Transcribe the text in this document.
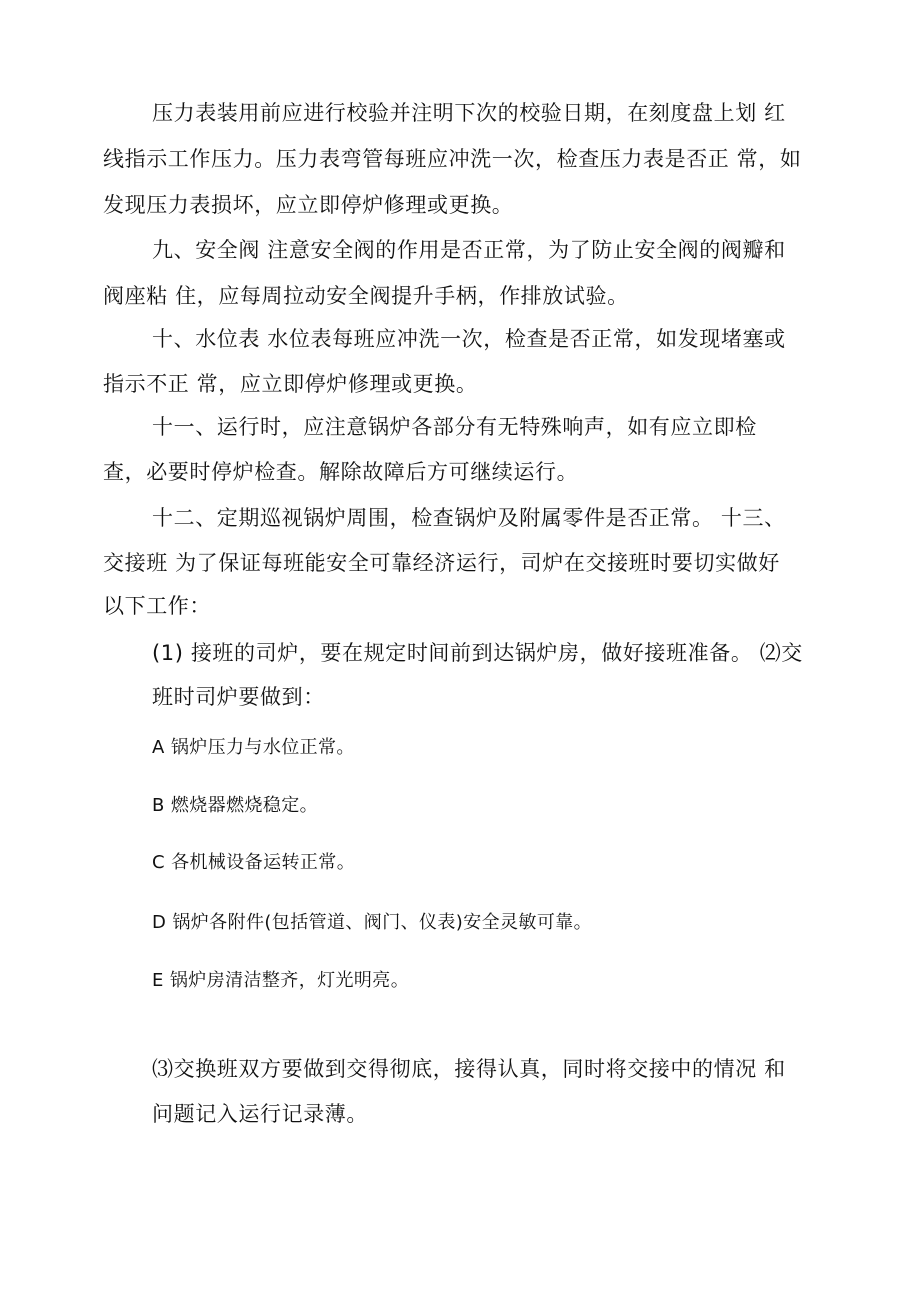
压力表装用前应进行校验并注明下次的校验日期，在刻度盘上划 红
线指示工作压力。压力表弯管每班应冲洗一次，检查压力表是否正 常，如
发现压力表损坏，应立即停炉修理或更换。
九、安全阀 注意安全阀的作用是否正常，为了防止安全阀的阀瓣和
阀座粘 住，应每周拉动安全阀提升手柄，作排放试验。
十、水位表 水位表每班应冲洗一次，检查是否正常，如发现堵塞或
指示不正 常，应立即停炉修理或更换。
十一、运行时，应注意锅炉各部分有无特殊响声，如有应立即检
查，必要时停炉检查。解除故障后方可继续运行。
十二、定期巡视锅炉周围，检查锅炉及附属零件是否正常。 十三、
交接班 为了保证每班能安全可靠经济运行，司炉在交接班时要切实做好
以下工作：
(1) 接班的司炉，要在规定时间前到达锅炉房，做好接班准备。 ⑵交
班时司炉要做到：
A 锅炉压力与水位正常。
B 燃烧器燃烧稳定。
C 各机械设备运转正常。
D 锅炉各附件(包括管道、阀门、仪表)安全灵敏可靠。
E 锅炉房清洁整齐，灯光明亮。
⑶交换班双方要做到交得彻底，接得认真，同时将交接中的情况 和
问题记入运行记录薄。
